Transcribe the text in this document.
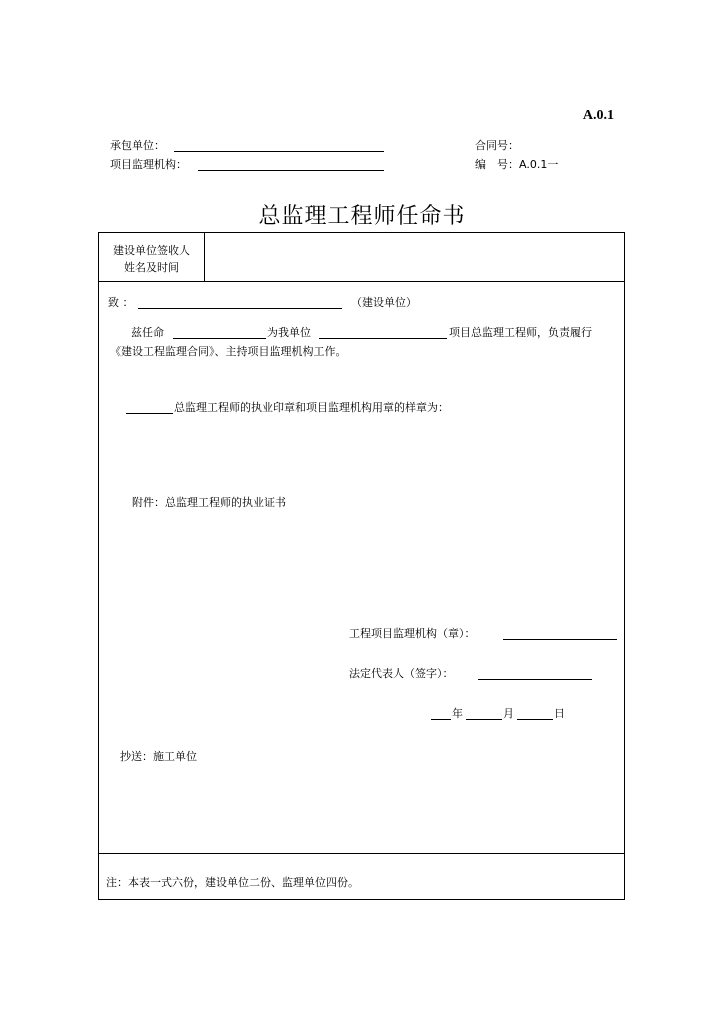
A.0.1
承包单位：	合同号：
项目监理机构：	编　号：A.0.1一
总监理工程师任命书
建设单位签收人
姓名及时间
致 ：	（建设单位）
兹任命	为我单位	项目总监理工程师，负责履行
《建设工程监理合同》、主持项目监理机构工作。
总监理工程师的执业印章和项目监理机构用章的样章为：
附件：总监理工程师的执业证书
工程项目监理机构（章）：
法定代表人（签字）：
年	月	日
抄送：施工单位
注：本表一式六份，建设单位二份、监理单位四份。
